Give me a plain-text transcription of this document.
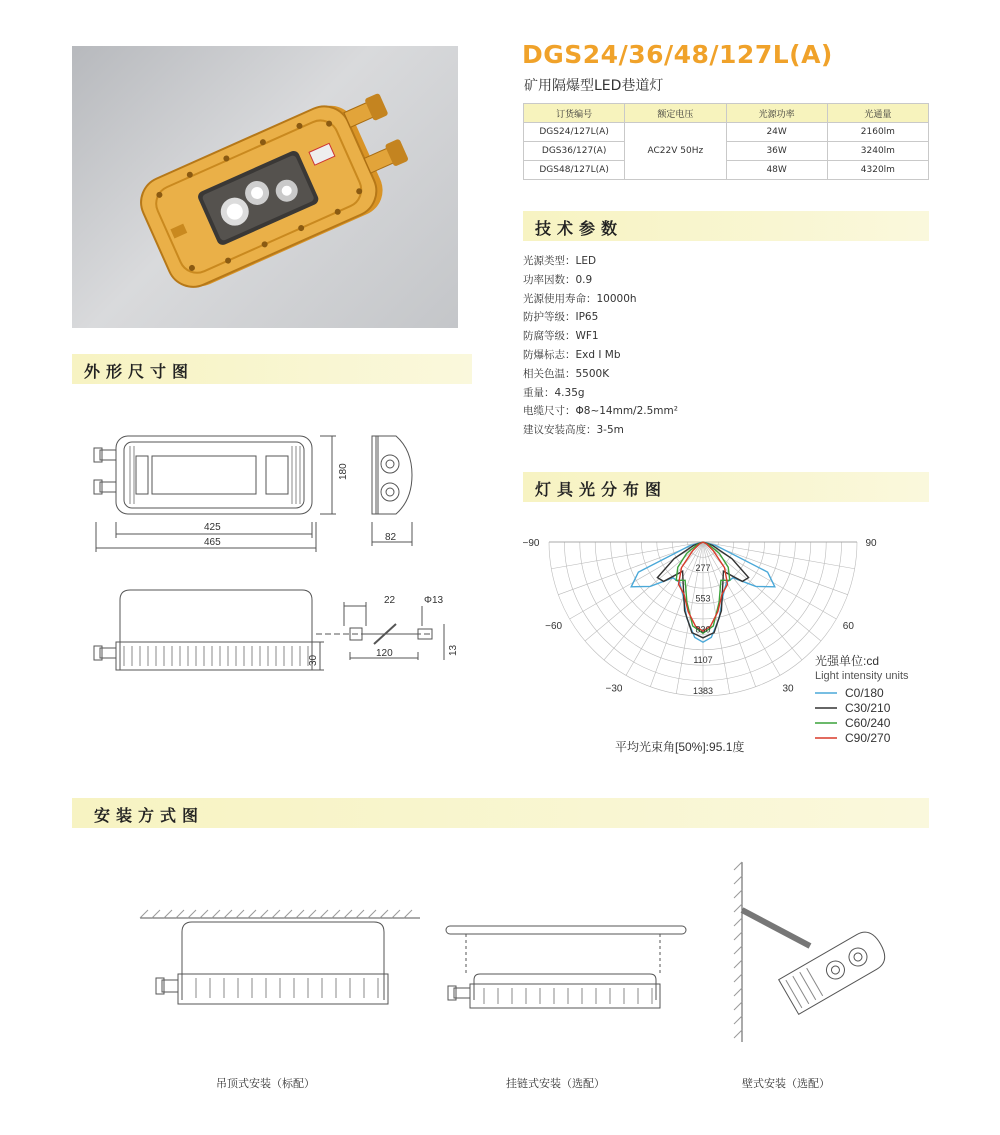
DGS24/36/48/127L(A)
矿用隔爆型LED巷道灯
订货编号	额定电压	光源功率	光通量
DGS24/127L(A)	AC22V 50Hz	24W	2160lm
DGS36/127(A)		36W	3240lm
DGS48/127L(A)		48W	4320lm
技术参数
外形尺寸图
灯具光分布图
安装方式图
光源类型：LED
功率因数：0.9
光源使用寿命：10000h
防护等级：IP65
防腐等级：WF1
防爆标志：Exd I Mb
相关色温：5500K
重量：4.35g
电缆尺寸：Φ8~14mm/2.5mm²
建议安装高度：3-5m
425
465
180
82
22	Φ13
120
30
13
−90	90
−60	60
−30	30
277
553
830
1107
1383
光强单位:cd
Light intensity units
C0/180
C30/210
C60/240
C90/270
平均光束角[50%]:95.1度
吊顶式安装（标配）	挂链式安装（选配）	壁式安装（选配）
